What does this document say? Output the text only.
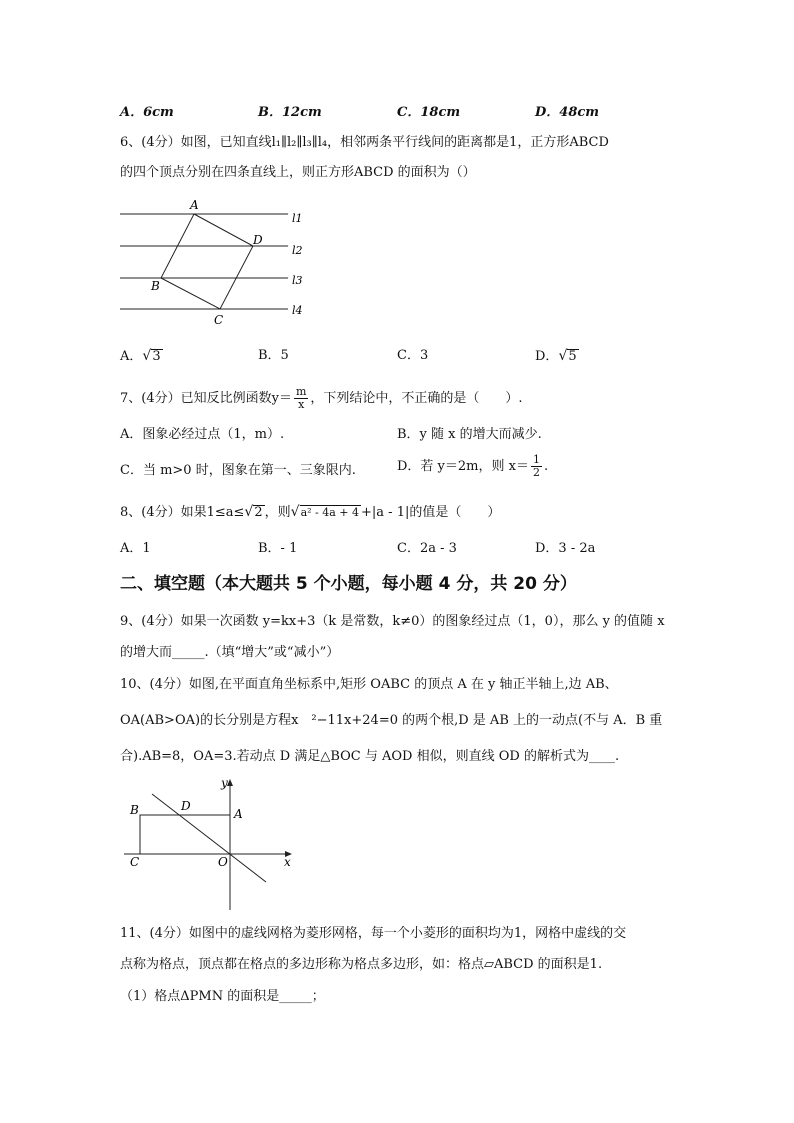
A．6cm	B．12cm	C．18cm	D．48cm
6、(4分）如图，已知直线l₁∥l₂∥l₃∥l₄，相邻两条平行线间的距离都是1，正方形ABCD
的四个顶点分别在四条直线上，则正方形ABCD 的面积为（）
A
D
B
C
l1
l2
l3
l4
A．√3	B．5	C．3	D．√5
7、(4分）已知反比例函数$y= \frac{m}{x}$ ，下列结论中，不正确的是（　　）.
A．图象必经过点（1，m）.	B．y 随 x 的增大而减少.
C．当 m>0 时，图象在第一、三象限内.	D．若 y＝2m，则 $x= \frac{1}{2}$ .
8、(4分）如果1≤a≤√2 ，则√a² - 4a + 4 +|a - 1|的值是（　　）
A．1	B．- 1	C．2a - 3	D．3 - 2a
二、填空题（本大题共 5 个小题，每小题 4 分，共 20 分）
9、(4分）如果一次函数 y=kx+3（k 是常数，k≠0）的图象经过点（1，0），那么 y 的值随 x
的增大而_____.（填“增大”或“减小”）
10、(4分）如图,在平面直角坐标系中,矩形 OABC 的顶点 A 在 y 轴正半轴上,边 AB、
OA(AB>OA)的长分别是方程x　²−11x+24=0 的两个根,D 是 AB 上的一动点(不与 A．B 重
合).AB=8，OA=3.若动点 D 满足△BOC 与 AOD 相似，则直线 OD 的解析式为____.
B	D
A
C	O	x
y
11、(4分）如图中的虚线网格为菱形网格，每一个小菱形的面积均为1，网格中虚线的交
点称为格点，顶点都在格点的多边形称为格点多边形，如：格点▱ABCD 的面积是1.
（1）格点ΔPMN 的面积是_____；
